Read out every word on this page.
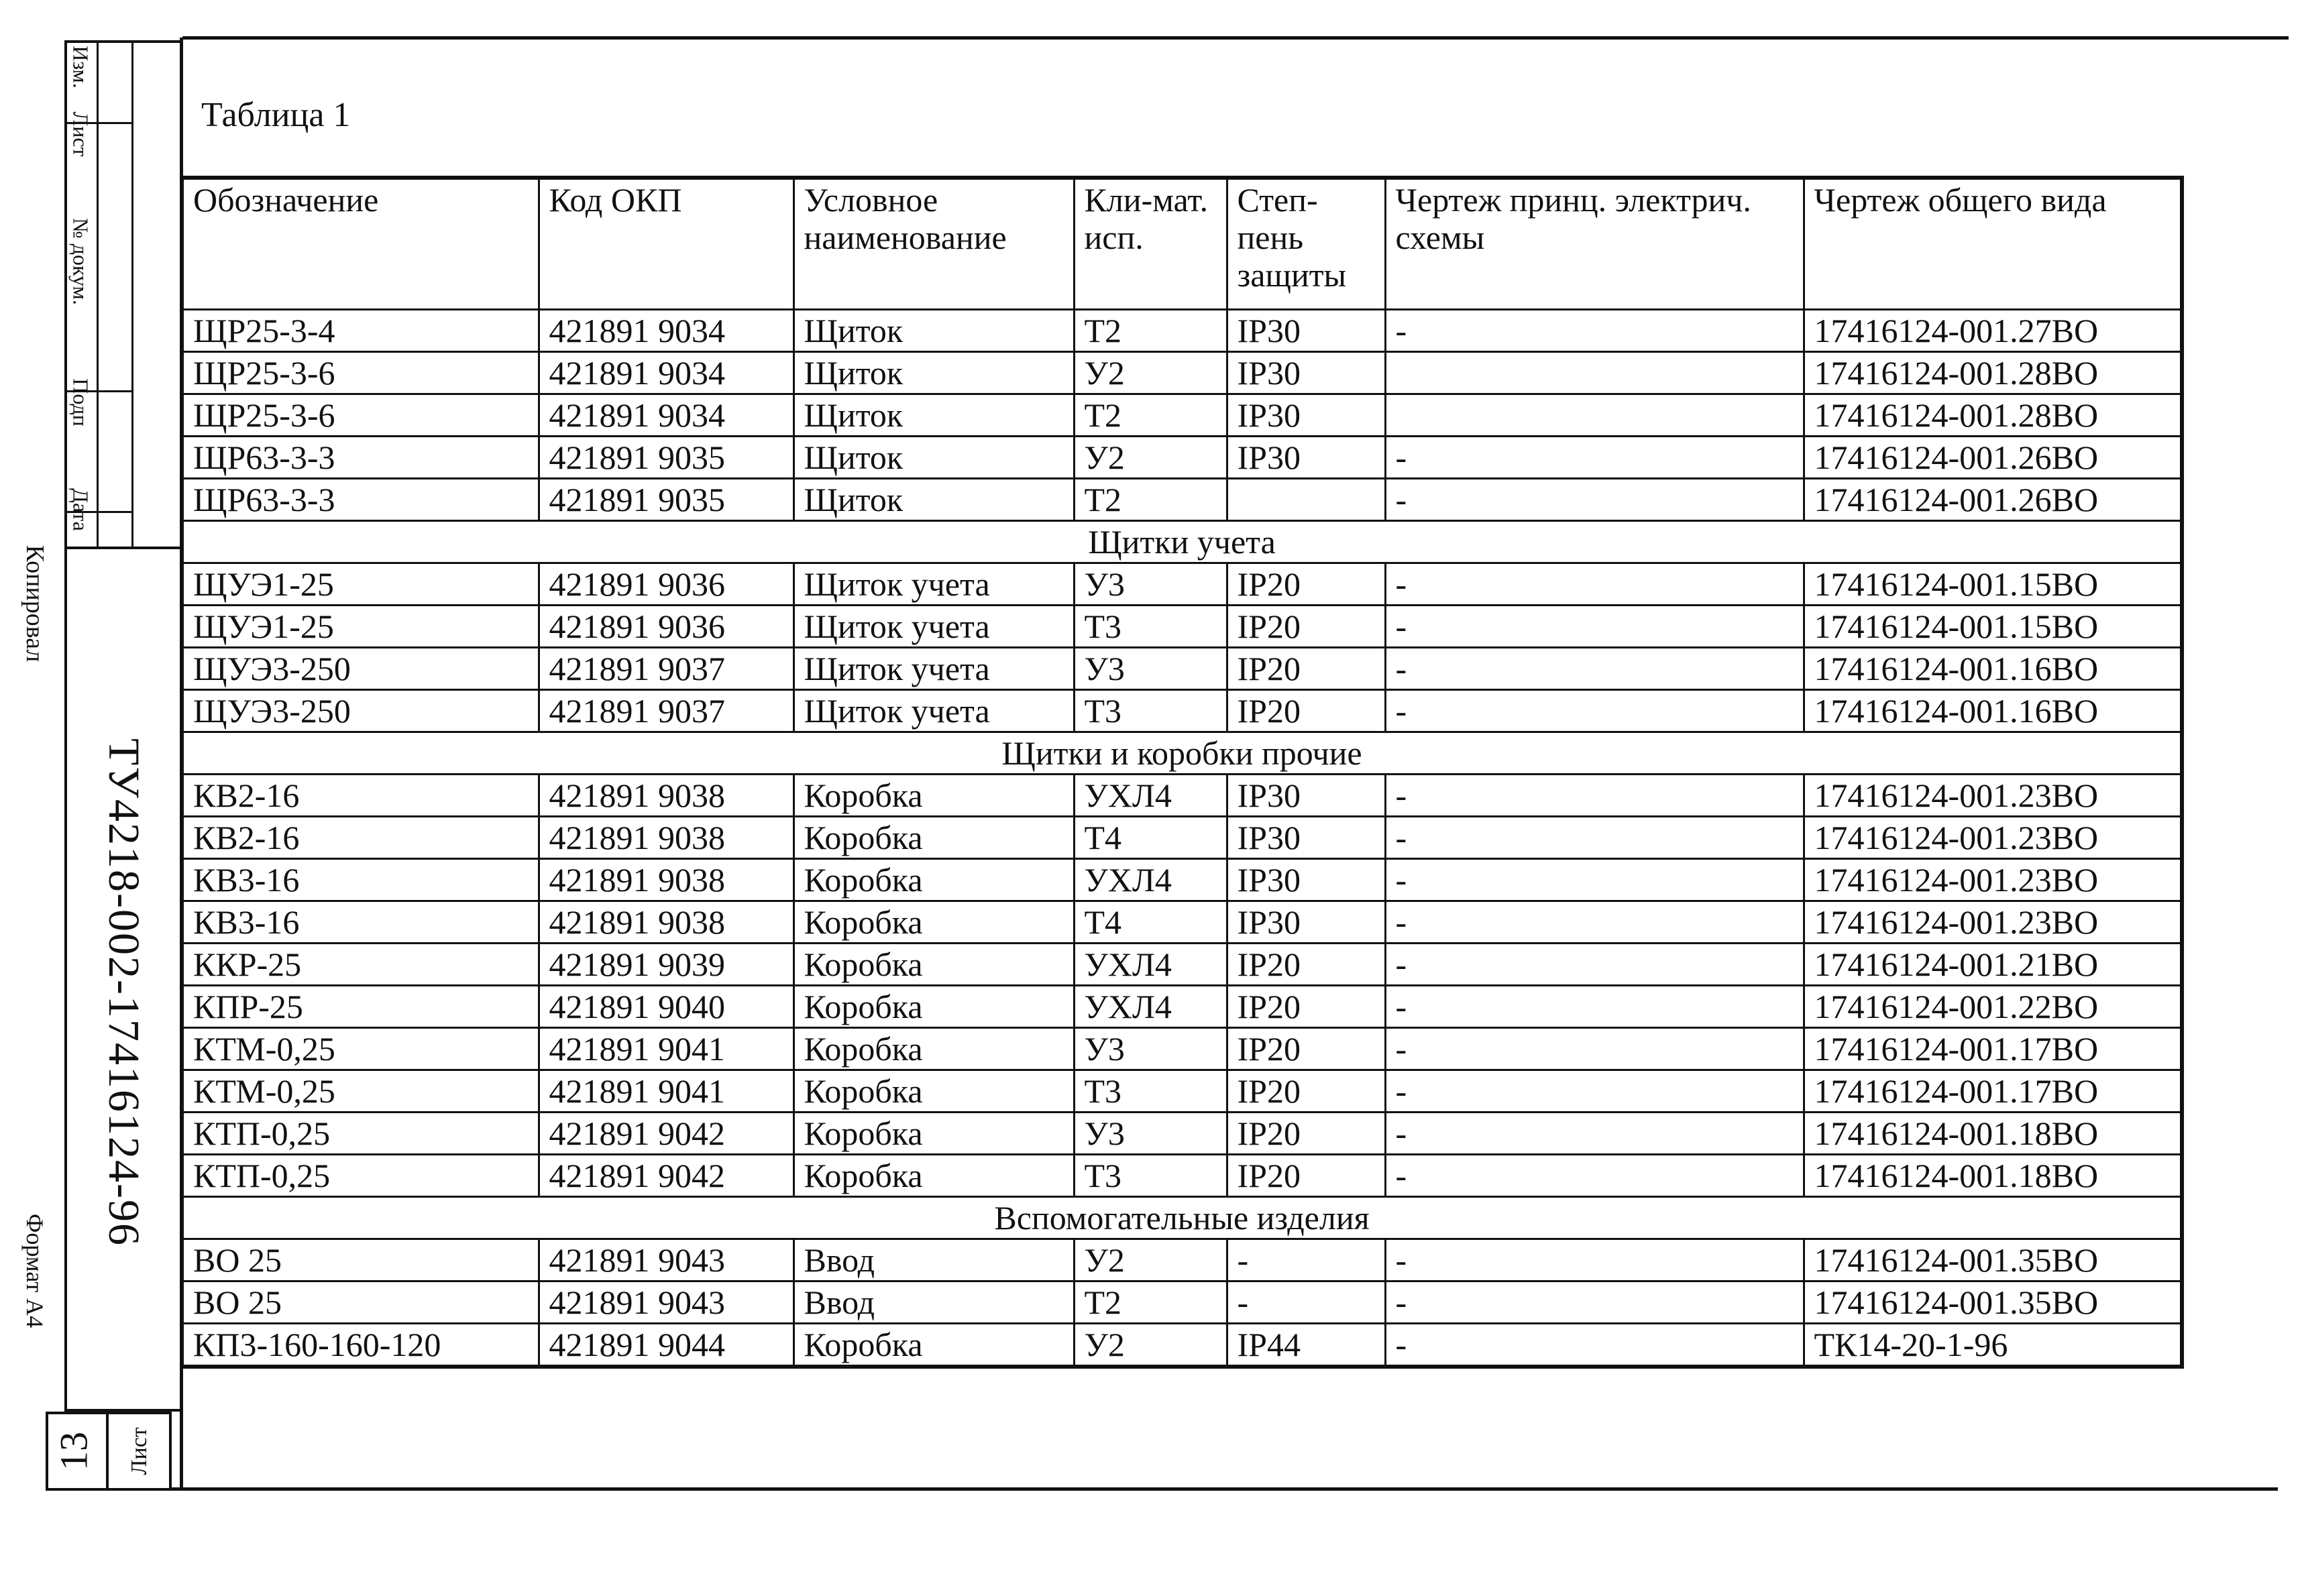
Изм.
Лист
№ докум.
Подп
Дата
Копировал
Формат А4
ТУ4218-002-17416124-96
13 Лист
Таблица 1
Обозначение	Код ОКП	Условное наименование	Кли-мат. исп.	Степ-пень защиты	Чертеж принц. электрич. схемы	Чертеж общего вида
ЩР25-3-4	421891 9034	Щиток	Т2	IP30	-	17416124-001.27ВО
ЩР25-3-6	421891 9034	Щиток	У2	IP30		17416124-001.28ВО
ЩР25-3-6	421891 9034	Щиток	Т2	IP30		17416124-001.28ВО
ЩР63-3-3	421891 9035	Щиток	У2	IP30	-	17416124-001.26ВО
ЩР63-3-3	421891 9035	Щиток	Т2		-	17416124-001.26ВО
Щитки учета						
ЩУЭ1-25	421891 9036	Щиток учета	У3	IP20	-	17416124-001.15ВО
ЩУЭ1-25	421891 9036	Щиток учета	Т3	IP20	-	17416124-001.15ВО
ЩУЭ3-250	421891 9037	Щиток учета	У3	IP20	-	17416124-001.16ВО
ЩУЭ3-250	421891 9037	Щиток учета	Т3	IP20	-	17416124-001.16ВО
Щитки и коробки прочие						
КВ2-16	421891 9038	Коробка	УХЛ4	IP30	-	17416124-001.23ВО
КВ2-16	421891 9038	Коробка	Т4	IP30	-	17416124-001.23ВО
КВ3-16	421891 9038	Коробка	УХЛ4	IP30	-	17416124-001.23ВО
КВ3-16	421891 9038	Коробка	Т4	IP30	-	17416124-001.23ВО
ККР-25	421891 9039	Коробка	УХЛ4	IP20	-	17416124-001.21ВО
КПР-25	421891 9040	Коробка	УХЛ4	IP20	-	17416124-001.22ВО
КТМ-0,25	421891 9041	Коробка	У3	IP20	-	17416124-001.17ВО
КТМ-0,25	421891 9041	Коробка	Т3	IP20	-	17416124-001.17ВО
КТП-0,25	421891 9042	Коробка	У3	IP20	-	17416124-001.18ВО
КТП-0,25	421891 9042	Коробка	Т3	IP20	-	17416124-001.18ВО
Вспомогательные изделия						
ВО 25	421891 9043	Ввод	У2	-	-	17416124-001.35ВО
ВО 25	421891 9043	Ввод	Т2	-	-	17416124-001.35ВО
КП3-160-160-120	421891 9044	Коробка	У2	IP44	-	ТК14-20-1-96
